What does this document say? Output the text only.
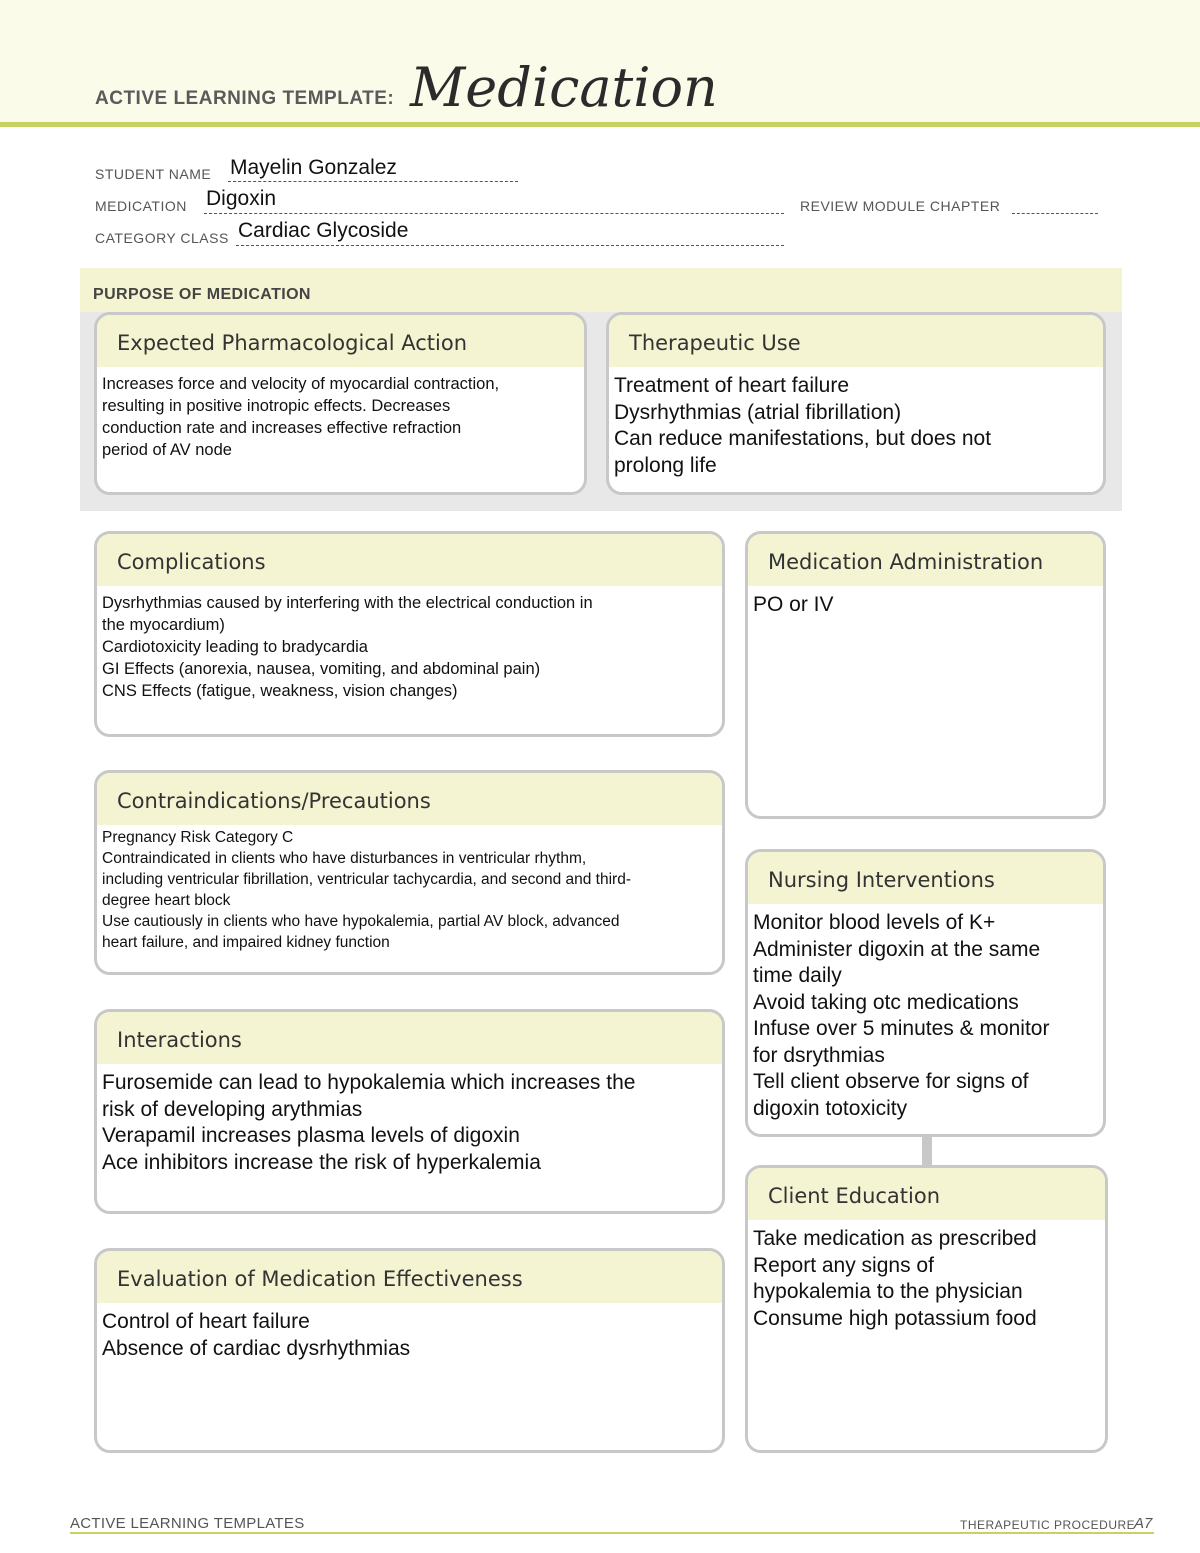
ACTIVE LEARNING TEMPLATE: Medication
STUDENT NAME Mayelin Gonzalez
MEDICATION Digoxin	REVIEW MODULE CHAPTER
CATEGORY CLASS Cardiac Glycoside
PURPOSE OF MEDICATION
Expected Pharmacological Action
Increases force and velocity of myocardial contraction,
resulting in positive inotropic effects. Decreases
conduction rate and increases effective refraction
period of AV node
Therapeutic Use
Treatment of heart failure
Dysrhythmias (atrial fibrillation)
Can reduce manifestations, but does not
prolong life
Complications
Dysrhythmias caused by interfering with the electrical conduction in
the myocardium)
Cardiotoxicity leading to bradycardia
GI Effects (anorexia, nausea, vomiting, and abdominal pain)
CNS Effects (fatigue, weakness, vision changes)
Medication Administration
PO or IV
Contraindications/Precautions
Pregnancy Risk Category C
Contraindicated in clients who have disturbances in ventricular rhythm,
including ventricular fibrillation, ventricular tachycardia, and second and third-
degree heart block
Use cautiously in clients who have hypokalemia, partial AV block, advanced
heart failure, and impaired kidney function
Nursing Interventions
Monitor blood levels of K+
Administer digoxin at the same
time daily
Avoid taking otc medications
Infuse over 5 minutes & monitor
for dsrythmias
Tell client observe for signs of
digoxin totoxicity
Interactions
Furosemide can lead to hypokalemia which increases the
risk of developing arythmias
Verapamil increases plasma levels of digoxin
Ace inhibitors increase the risk of hyperkalemia
Client Education
Take medication as prescribed
Report any signs of
hypokalemia to the physician
Consume high potassium food
Evaluation of Medication Effectiveness
Control of heart failure
Absence of cardiac dysrhythmias
ACTIVE LEARNING TEMPLATES	THERAPEUTIC PROCEDURE
A7
